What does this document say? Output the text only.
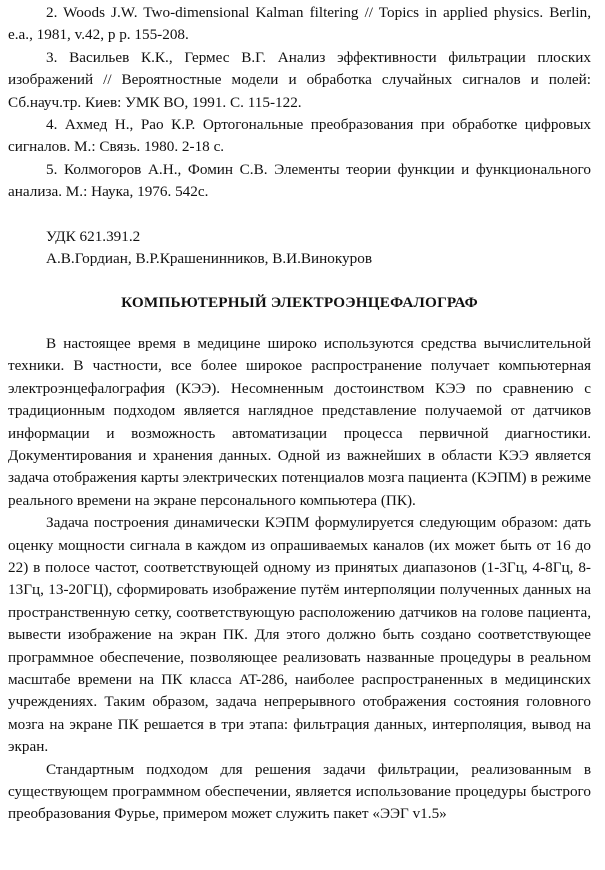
2. Woods J.W. Two-dimensional Kalman filtering // Topics in applied physics. Berlin, e.a., 1981, v.42, p p. 155-208.

3. Васильев К.К., Гермес В.Г. Анализ эффективности фильтрации плоских изображений // Вероятностные модели и обработка случайных сигналов и полей: Сб.науч.тр. Киев: УМК ВО, 1991. С. 115-122.

4. Ахмед Н., Рао К.Р. Ортогональные преобразования при обработке цифровых сигналов. М.: Связь. 1980. 2-18 с.

5. Колмогоров А.Н., Фомин С.В. Элементы теории функции и функционального анализа. М.: Наука, 1976. 542с.

УДК 621.391.2
А.В.Гордиан, В.Р.Крашенинников, В.И.Винокуров
КОМПЬЮТЕРНЫЙ ЭЛЕКТРОЭНЦЕФАЛОГРАФ

В настоящее время в медицине широко используются средства вычислительной техники. В частности, все более широкое распространение получает компьютерная электроэнцефалография (КЭЭ). Несомненным достоинством КЭЭ по сравнению с традиционным подходом является наглядное представление получаемой от датчиков информации и возможность автоматизации процесса первичной диагностики. Документирования и хранения данных. Одной из важнейших в области КЭЭ является задача отображения карты электрических потенциалов мозга пациента (КЭПМ) в режиме реального времени на экране персонального компьютера (ПК).

Задача построения динамически КЭПМ формулируется следующим образом: дать оценку мощности сигнала в каждом из опрашиваемых каналов (их может быть от 16 до 22) в полосе частот, соответствующей одному из принятых диапазонов (1-3Гц, 4-8Гц, 8-13Гц, 13-20ГЦ), сформировать изображение путём интерполяции полученных данных на пространственную сетку, соответствующую расположению датчиков на голове пациента, вывести изображение на экран ПК. Для этого должно быть создано соответствующее программное обеспечение, позволяющее реализовать названные процедуры в реальном масштабе времени на ПК класса AT-286, наиболее распространенных в медицинских учреждениях. Таким образом, задача непрерывного отображения состояния головного мозга на экране ПК решается в три этапа: фильтрация данных, интерполяция, вывод на экран.

Стандартным подходом для решения задачи фильтрации, реализованным в существующем программном обеспечении, является использование процедуры быстрого преобразования Фурье, примером может служить пакет «ЭЭГ v1.5»
